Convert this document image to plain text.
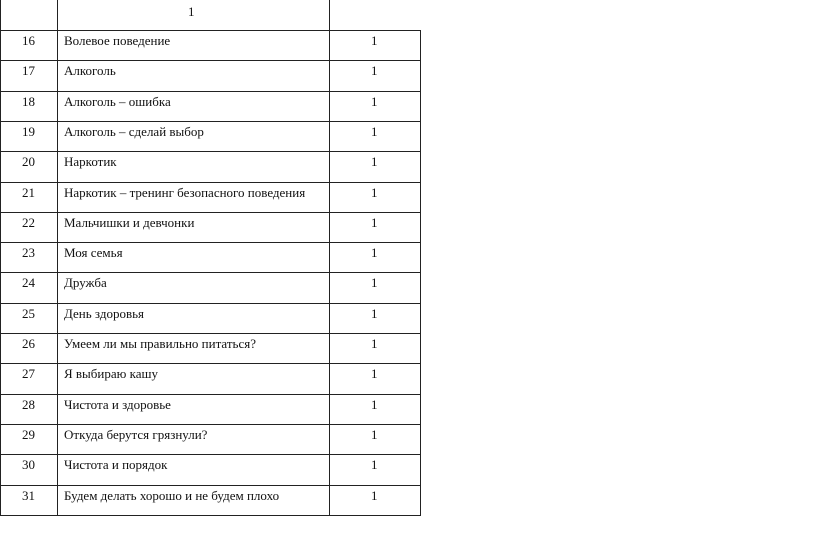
1
16 Волевое поведение	1
17 Алкоголь	1
18 Алкоголь – ошибка	1
19 Алкоголь – сделай выбор	1
20 Наркотик	1
21 Наркотик – тренинг безопасного поведения	1
22 Мальчишки и девчонки	1
23 Моя семья	1
24 Дружба	1
25 День здоровья	1
26 Умеем ли мы правильно питаться?	1
27 Я выбираю кашу	1
28 Чистота и здоровье	1
29 Откуда берутся грязнули?	1
30 Чистота и порядок	1
31 Будем делать хорошо и не будем плохо	1
